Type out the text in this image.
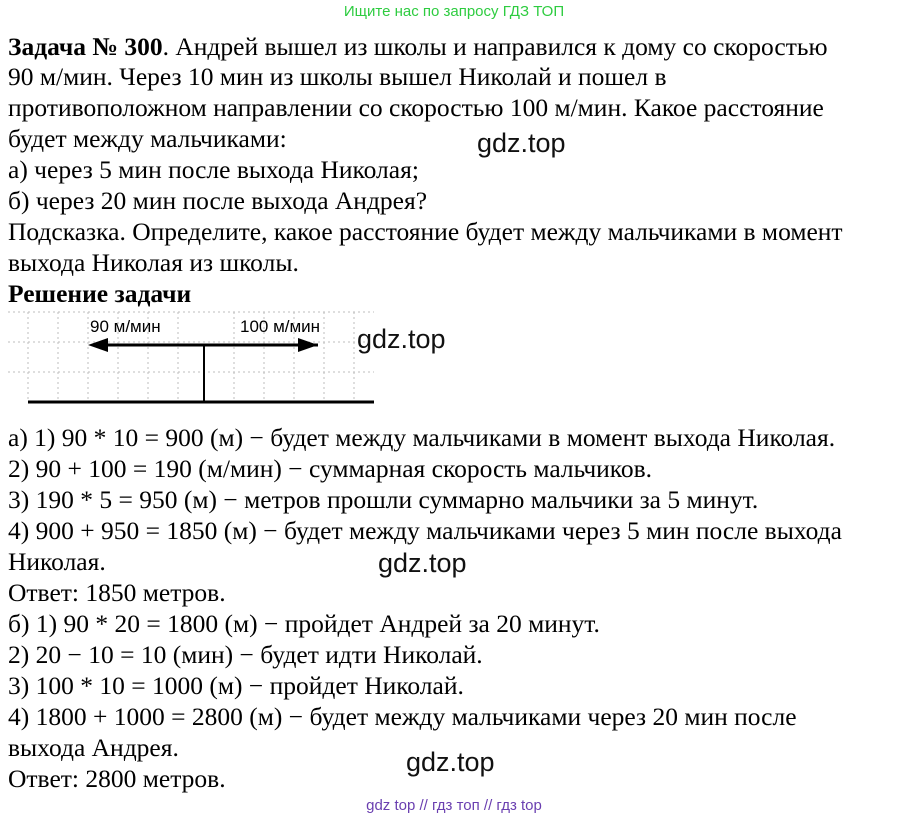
Ищите нас по запросу ГДЗ ТОП
Задача № 300. Андрей вышел из школы и направился к дому со скоростью
90 м/мин. Через 10 мин из школы вышел Николай и пошел в
противоположном направлении со скоростью 100 м/мин. Какое расстояние
будет между мальчиками:
а) через 5 мин после выхода Николая;
б) через 20 мин после выхода Андрея?
Подсказка. Определите, какое расстояние будет между мальчиками в момент
выхода Николая из школы.
Решение задачи
90 м/мин	100 м/мин
а) 1) 90 * 10 = 900 (м) − будет между мальчиками в момент выхода Николая.
2) 90 + 100 = 190 (м/мин) − суммарная скорость мальчиков.
3) 190 * 5 = 950 (м) − метров прошли суммарно мальчики за 5 минут.
4) 900 + 950 = 1850 (м) − будет между мальчиками через 5 мин после выхода
Николая.
Ответ: 1850 метров.
б) 1) 90 * 20 = 1800 (м) − пройдет Андрей за 20 минут.
2) 20 − 10 = 10 (мин) − будет идти Николай.
3) 100 * 10 = 1000 (м) − пройдет Николай.
4) 1800 + 1000 = 2800 (м) − будет между мальчиками через 20 мин после
выхода Андрея.
Ответ: 2800 метров.
gdz.top
gdz.top
gdz.top
gdz.top
gdz top // гдз топ // гдз top
